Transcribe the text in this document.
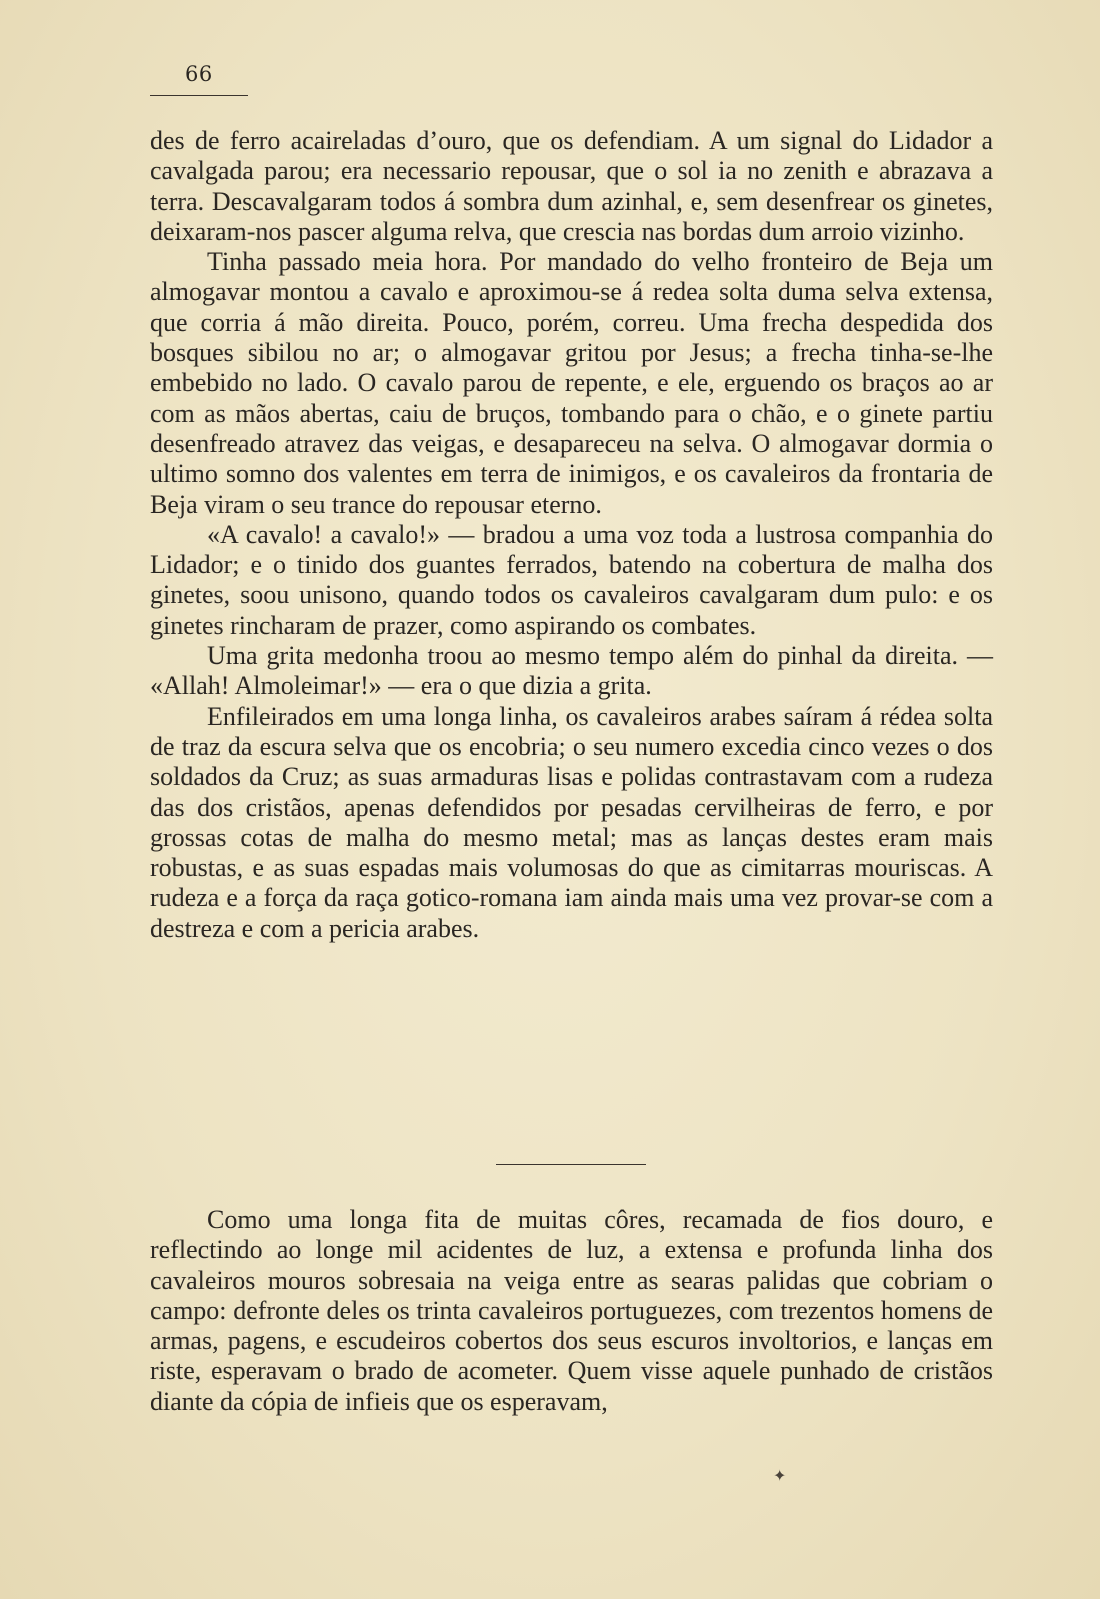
66

des de ferro acaireladas d’ouro, que os defendiam. A um signal do Lidador a cavalgada parou; era necessario repousar, que o sol ia no zenith e abrazava a terra. Descavalgaram todos á sombra dum azinhal, e, sem desenfrear os ginetes, deixaram-nos pascer alguma relva, que crescia nas bordas dum arroio vizinho.

Tinha passado meia hora. Por mandado do velho fronteiro de Beja um almogavar montou a cavalo e aproximou-se á redea solta duma selva extensa, que corria á mão direita. Pouco, porém, correu. Uma frecha despedida dos bosques sibilou no ar; o almogavar gritou por Jesus; a frecha tinha-se-lhe embebido no lado. O cavalo parou de repente, e ele, erguendo os braços ao ar com as mãos abertas, caiu de bruços, tombando para o chão, e o ginete partiu desenfreado atravez das veigas, e desapareceu na selva. O almogavar dormia o ultimo somno dos valentes em terra de inimigos, e os cavaleiros da frontaria de Beja viram o seu trance do repousar eterno.

«A cavalo! a cavalo!» — bradou a uma voz toda a lustrosa companhia do Lidador; e o tinido dos guantes ferrados, batendo na cobertura de malha dos ginetes, soou unisono, quando todos os cavaleiros cavalgaram dum pulo: e os ginetes rincharam de prazer, como aspirando os combates.

Uma grita medonha troou ao mesmo tempo além do pinhal da direita. — «Allah! Almoleimar!» — era o que dizia a grita.

Enfileirados em uma longa linha, os cavaleiros arabes saíram á rédea solta de traz da escura selva que os encobria; o seu numero excedia cinco vezes o dos soldados da Cruz; as suas armaduras lisas e polidas contrastavam com a rudeza das dos cristãos, apenas defendidos por pesadas cervilheiras de ferro, e por grossas cotas de malha do mesmo metal; mas as lanças destes eram mais robustas, e as suas espadas mais volumosas do que as cimitarras mouriscas. A rudeza e a força da raça gotico-romana iam ainda mais uma vez provar-se com a destreza e com a pericia arabes.

Como uma longa fita de muitas côres, recamada de fios douro, e reflectindo ao longe mil acidentes de luz, a extensa e profunda linha dos cavaleiros mouros sobresaia na veiga entre as searas palidas que cobriam o campo: defronte deles os trinta cavaleiros portuguezes, com trezentos homens de armas, pagens, e escudeiros cobertos dos seus escuros involtorios, e lanças em riste, esperavam o brado de acometer. Quem visse aquele punhado de cristãos diante da cópia de infieis que os esperavam,

✦
